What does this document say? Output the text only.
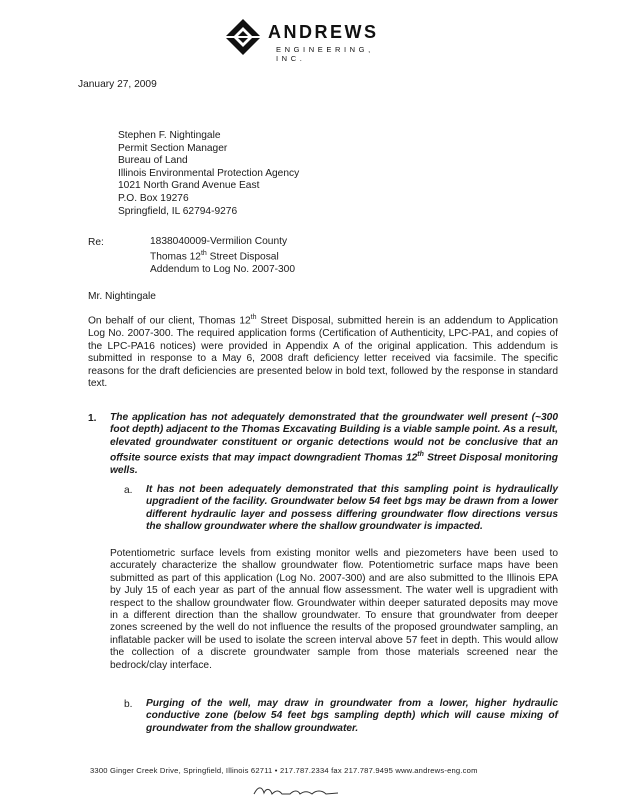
ANDREWS
ENGINEERING, INC.
January 27, 2009
Stephen F. Nightingale
Permit Section Manager
Bureau of Land
Illinois Environmental Protection Agency
1021 North Grand Avenue East
P.O. Box 19276
Springfield, IL 62794-9276
Re:	1838040009-Vermilion County
Thomas 12th Street Disposal
Addendum to Log No. 2007-300
Mr. Nightingale
On behalf of our client, Thomas 12th Street Disposal, submitted herein is an addendum to Application Log No. 2007-300. The required application forms (Certification of Authenticity, LPC-PA1, and copies of the LPC-PA16 notices) were provided in Appendix A of the original application. This addendum is submitted in response to a May 6, 2008 draft deficiency letter received via facsimile. The specific reasons for the draft deficiencies are presented below in bold text, followed by the response in standard text.
1. The application has not adequately demonstrated that the groundwater well present (~300 foot depth) adjacent to the Thomas Excavating Building is a viable sample point. As a result, elevated groundwater constituent or organic detections would not be conclusive that an offsite source exists that may impact downgradient Thomas 12th Street Disposal monitoring wells.
a. It has not been adequately demonstrated that this sampling point is hydraulically upgradient of the facility. Groundwater below 54 feet bgs may be drawn from a lower different hydraulic layer and possess differing groundwater flow directions versus the shallow groundwater where the shallow groundwater is impacted.
Potentiometric surface levels from existing monitor wells and piezometers have been used to accurately characterize the shallow groundwater flow. Potentiometric surface maps have been submitted as part of this application (Log No. 2007-300) and are also submitted to the Illinois EPA by July 15 of each year as part of the annual flow assessment. The water well is upgradient with respect to the shallow groundwater flow. Groundwater within deeper saturated deposits may move in a different direction than the shallow groundwater. To ensure that groundwater from deeper zones screened by the well do not influence the results of the proposed groundwater sampling, an inflatable packer will be used to isolate the screen interval above 57 feet in depth. This would allow the collection of a discrete groundwater sample from those materials screened near the bedrock/clay interface.
b. Purging of the well, may draw in groundwater from a lower, higher hydraulic conductive zone (below 54 feet bgs sampling depth) which will cause mixing of groundwater from the shallow groundwater.
3300 Ginger Creek Drive, Springfield, Illinois 62711 • 217.787.2334 fax 217.787.9495 www.andrews-eng.com
